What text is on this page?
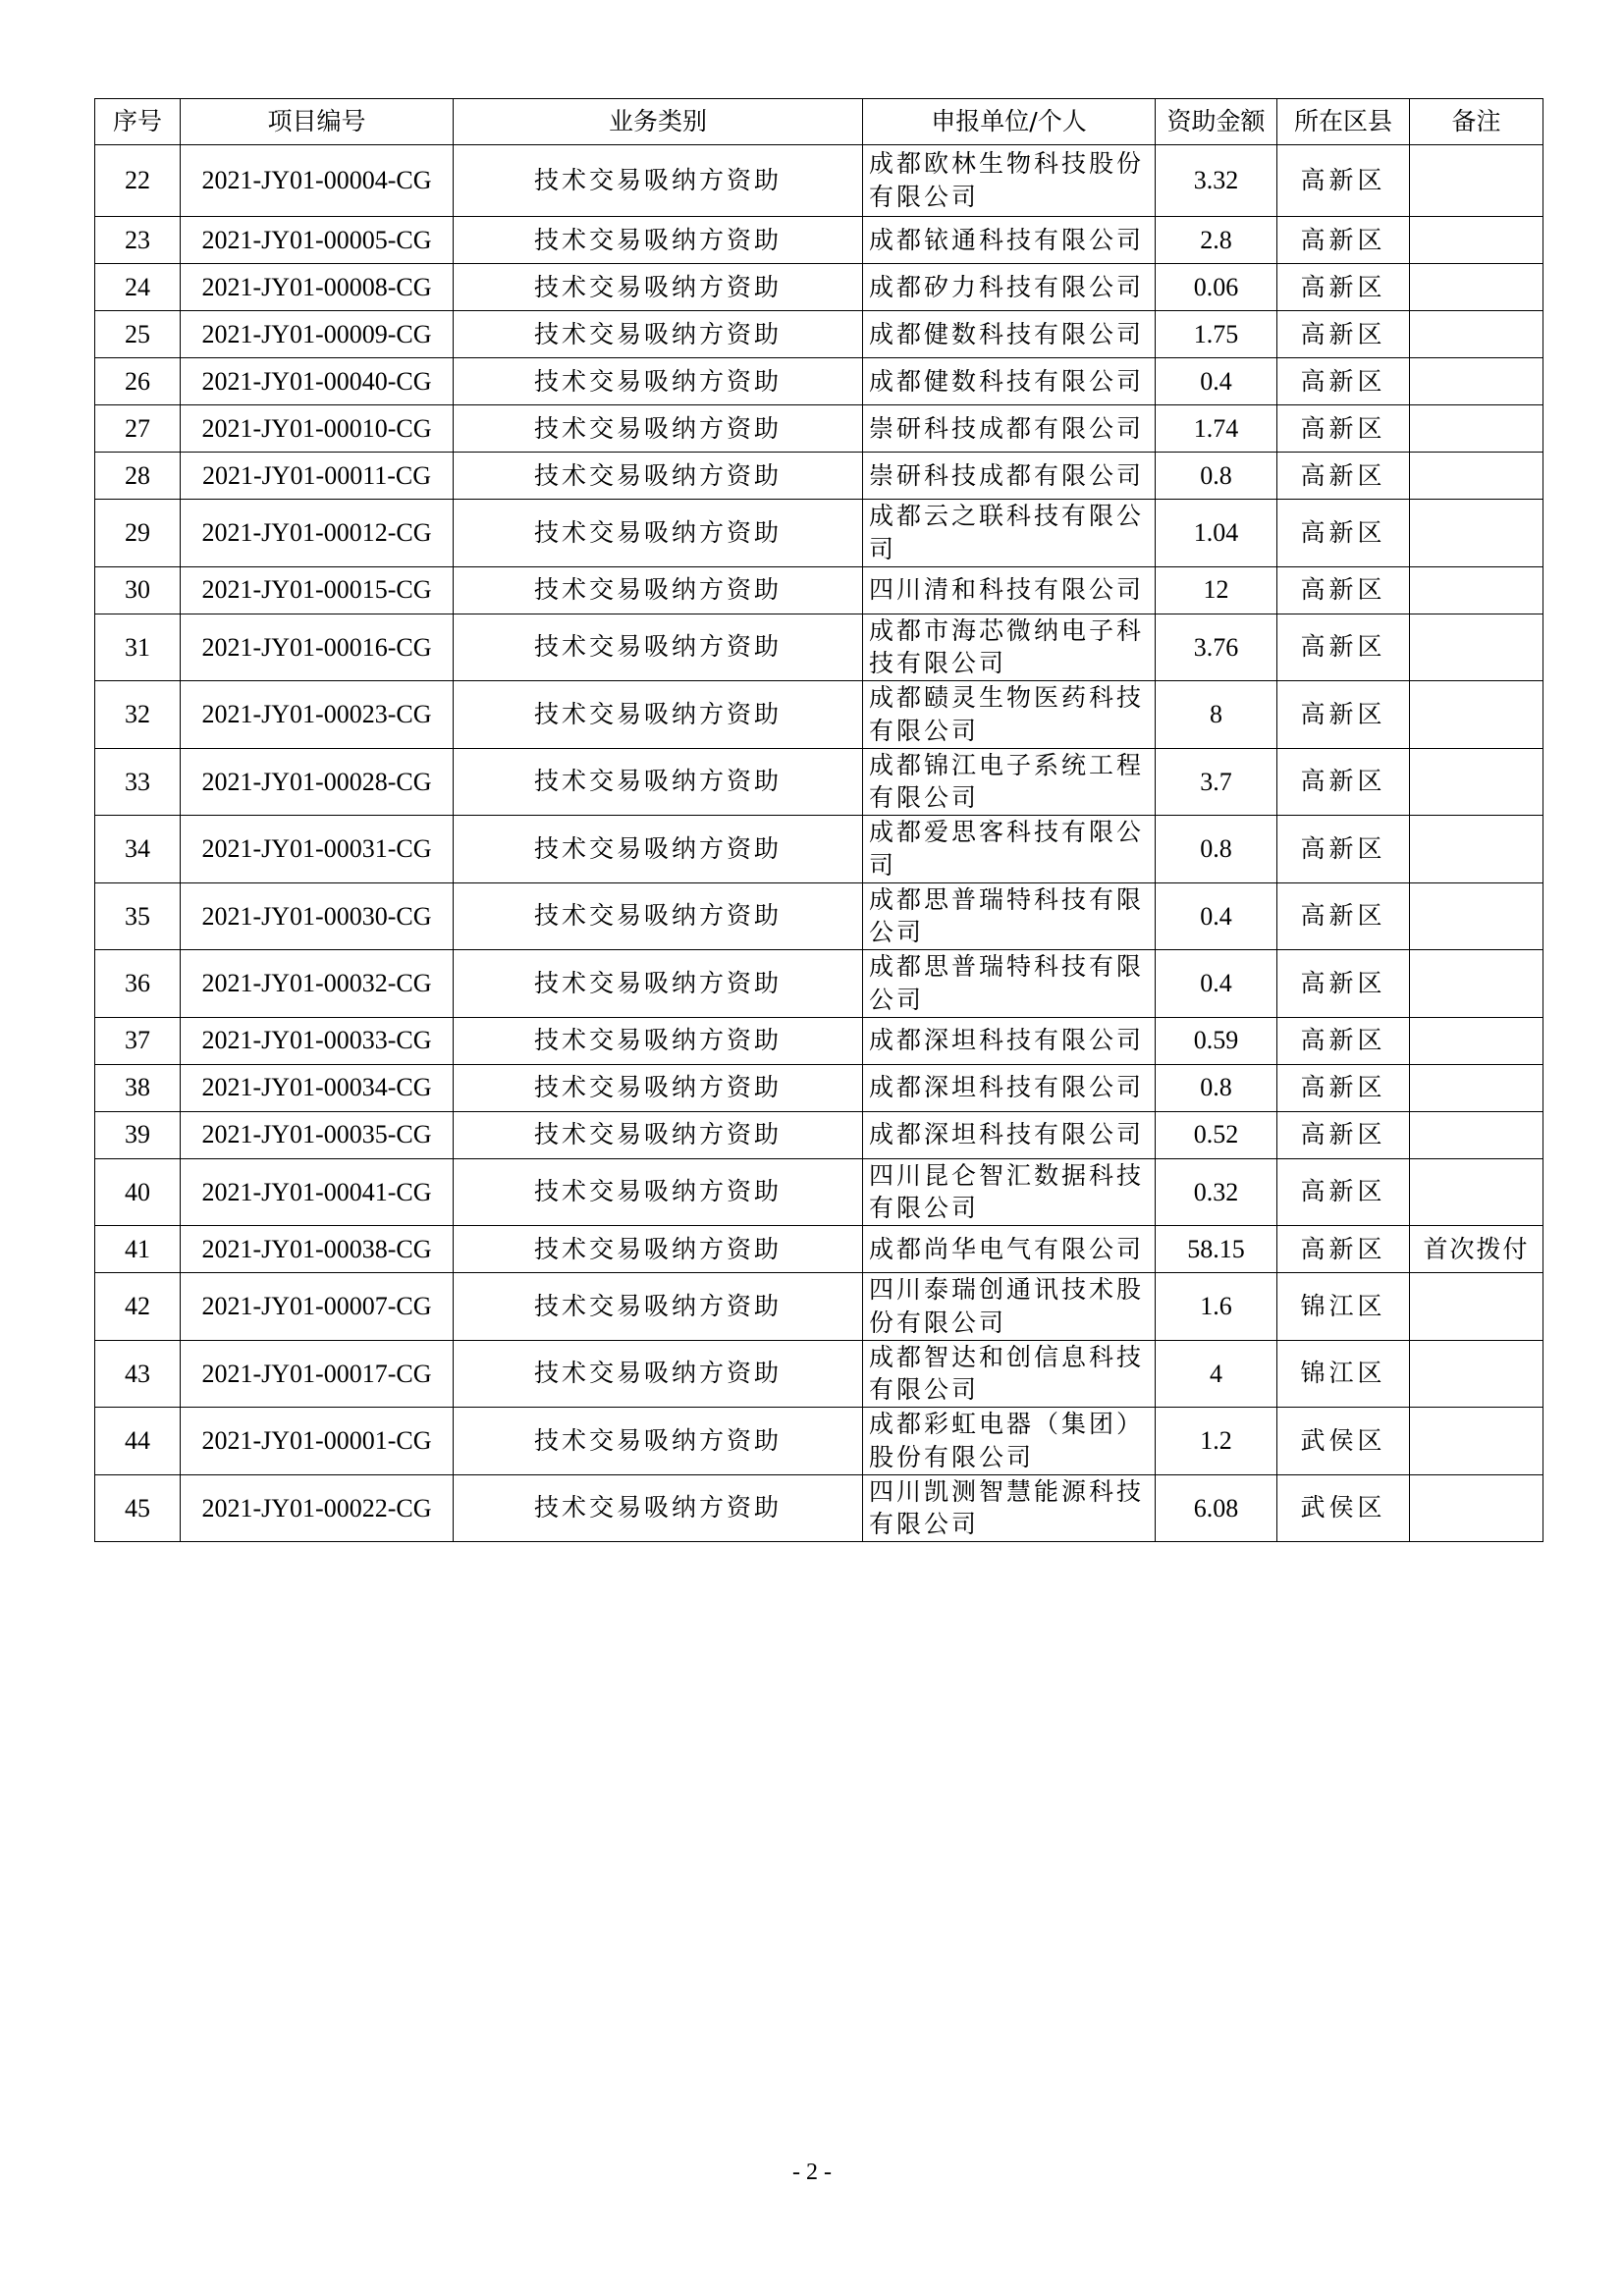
序号	项目编号	业务类别	申报单位/个人	资助金额	所在区县	备注
22	2021-JY01-00004-CG	技术交易吸纳方资助	成都欧林生物科技股份有限公司	3.32	高新区	
23	2021-JY01-00005-CG	技术交易吸纳方资助	成都铱通科技有限公司	2.8	高新区	
24	2021-JY01-00008-CG	技术交易吸纳方资助	成都矽力科技有限公司	0.06	高新区	
25	2021-JY01-00009-CG	技术交易吸纳方资助	成都健数科技有限公司	1.75	高新区	
26	2021-JY01-00040-CG	技术交易吸纳方资助	成都健数科技有限公司	0.4	高新区	
27	2021-JY01-00010-CG	技术交易吸纳方资助	崇研科技成都有限公司	1.74	高新区	
28	2021-JY01-00011-CG	技术交易吸纳方资助	崇研科技成都有限公司	0.8	高新区	
29	2021-JY01-00012-CG	技术交易吸纳方资助	成都云之联科技有限公司	1.04	高新区	
30	2021-JY01-00015-CG	技术交易吸纳方资助	四川清和科技有限公司	12	高新区	
31	2021-JY01-00016-CG	技术交易吸纳方资助	成都市海芯微纳电子科技有限公司	3.76	高新区	
32	2021-JY01-00023-CG	技术交易吸纳方资助	成都赜灵生物医药科技有限公司	8	高新区	
33	2021-JY01-00028-CG	技术交易吸纳方资助	成都锦江电子系统工程有限公司	3.7	高新区	
34	2021-JY01-00031-CG	技术交易吸纳方资助	成都爱思客科技有限公司	0.8	高新区	
35	2021-JY01-00030-CG	技术交易吸纳方资助	成都思普瑞特科技有限公司	0.4	高新区	
36	2021-JY01-00032-CG	技术交易吸纳方资助	成都思普瑞特科技有限公司	0.4	高新区	
37	2021-JY01-00033-CG	技术交易吸纳方资助	成都深坦科技有限公司	0.59	高新区	
38	2021-JY01-00034-CG	技术交易吸纳方资助	成都深坦科技有限公司	0.8	高新区	
39	2021-JY01-00035-CG	技术交易吸纳方资助	成都深坦科技有限公司	0.52	高新区	
40	2021-JY01-00041-CG	技术交易吸纳方资助	四川昆仑智汇数据科技有限公司	0.32	高新区	
41	2021-JY01-00038-CG	技术交易吸纳方资助	成都尚华电气有限公司	58.15	高新区	首次拨付
42	2021-JY01-00007-CG	技术交易吸纳方资助	四川泰瑞创通讯技术股份有限公司	1.6	锦江区	
43	2021-JY01-00017-CG	技术交易吸纳方资助	成都智达和创信息科技有限公司	4	锦江区	
44	2021-JY01-00001-CG	技术交易吸纳方资助	成都彩虹电器（集团）股份有限公司	1.2	武侯区	
45	2021-JY01-00022-CG	技术交易吸纳方资助	四川凯测智慧能源科技有限公司	6.08	武侯区	
- 2 -
